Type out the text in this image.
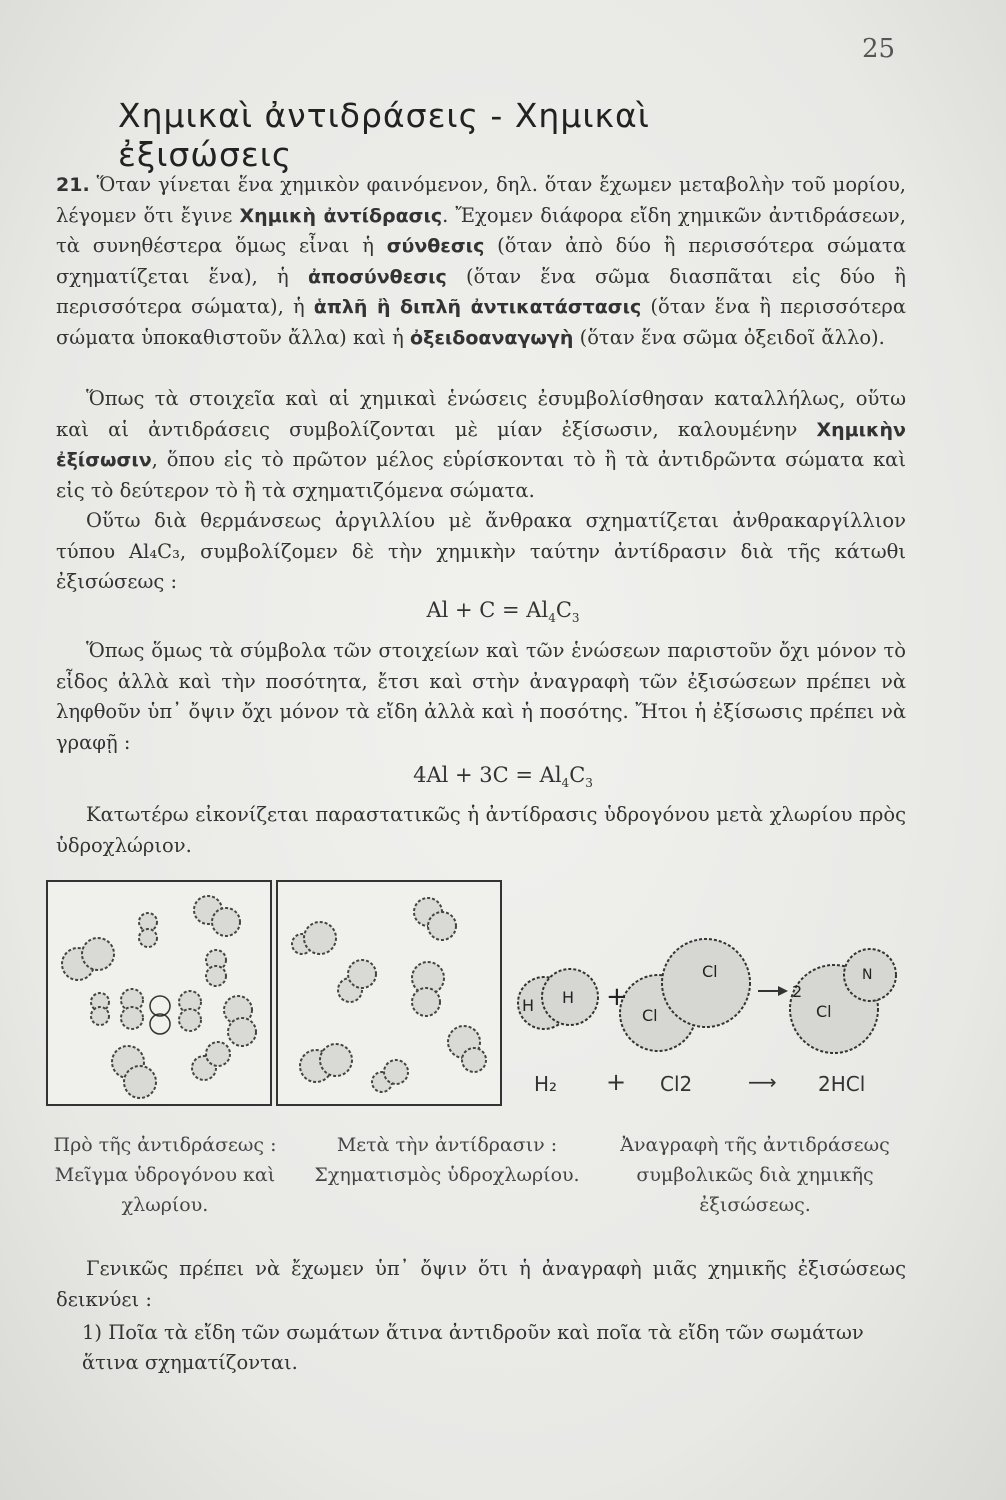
25
Χημικαὶ ἀντιδράσεις - Χημικαὶ ἐξισώσεις
21. Ὅταν γίνεται ἕνα χημικὸν φαινόμενον, δηλ. ὅταν ἔχωμεν μεταβολὴν τοῦ μορίου, λέγομεν ὅτι ἔγινε Χημικὴ ἀντίδρασις. Ἔχομεν διάφορα εἴδη χημικῶν ἀντιδράσεων, τὰ συνηθέστερα ὅμως εἶναι ἡ σύνθεσις (ὅταν ἀπὸ δύο ἢ περισσότερα σώματα σχηματίζεται ἕνα), ἡ ἀποσύνθεσις (ὅταν ἕνα σῶμα διασπᾶται εἰς δύο ἢ περισσότερα σώματα), ἡ ἁπλῆ ἢ διπλῆ ἀντικατάστασις (ὅταν ἕνα ἢ περισσότερα σώματα ὑποκαθιστοῦν ἄλλα) καὶ ἡ ὀξειδοαναγωγὴ (ὅταν ἕνα σῶμα ὀξειδοῖ ἄλλο).
Ὅπως τὰ στοιχεῖα καὶ αἱ χημικαὶ ἑνώσεις ἐσυμβολίσθησαν καταλλήλως, οὕτω καὶ αἱ ἀντιδράσεις συμβολίζονται μὲ μίαν ἐξίσωσιν, καλουμένην Χημικὴν ἐξίσωσιν, ὅπου εἰς τὸ πρῶτον μέλος εὑρίσκονται τὸ ἢ τὰ ἀντιδρῶντα σώματα καὶ εἰς τὸ δεύτερον τὸ ἢ τὰ σχηματιζόμενα σώματα.
Οὕτω διὰ θερμάνσεως ἀργιλλίου μὲ ἄνθρακα σχηματίζεται ἀνθρακαργίλλιον τύπου Al₄C₃, συμβολίζομεν δὲ τὴν χημικὴν ταύτην ἀντίδρασιν διὰ τῆς κάτωθι ἐξισώσεως :
$Al + C = Al_4C_3$
Ὅπως ὅμως τὰ σύμβολα τῶν στοιχείων καὶ τῶν ἑνώσεων παριστοῦν ὄχι μόνον τὸ εἶδος ἀλλὰ καὶ τὴν ποσότητα, ἔτσι καὶ στὴν ἀναγραφὴ τῶν ἐξισώσεων πρέπει νὰ ληφθοῦν ὑπ᾽ ὄψιν ὄχι μόνον τὰ εἴδη ἀλλὰ καὶ ἡ ποσότης. Ἤτοι ἡ ἐξίσωσις πρέπει νὰ γραφῇ :
$4Al + 3C = Al_4C_3$
Κατωτέρω εἰκονίζεται παραστατικῶς ἡ ἀντίδρασις ὑδρογόνου μετὰ χλωρίου πρὸς ὑδροχλώριον.
H H +
Cl
Cl
2
Cl
N
H₂ + Cl2	⟶ 2HCl
Πρὸ τῆς ἀντιδράσεως : Μεῖγμα ὑδρογόνου καὶ χλωρίου.
Μετὰ τὴν ἀντίδρασιν : Σχηματισμὸς ὑδροχλωρίου.
Ἀναγραφὴ τῆς ἀντιδράσεως συμβολικῶς διὰ χημικῆς ἐξισώσεως.
Γενικῶς πρέπει νὰ ἔχωμεν ὑπ᾽ ὄψιν ὅτι ἡ ἀναγραφὴ μιᾶς χημικῆς ἐξισώσεως δεικνύει :
1) Ποῖα τὰ εἴδη τῶν σωμάτων ἅτινα ἀντιδροῦν καὶ ποῖα τὰ εἴδη τῶν σωμάτων ἅτινα σχηματίζονται.
